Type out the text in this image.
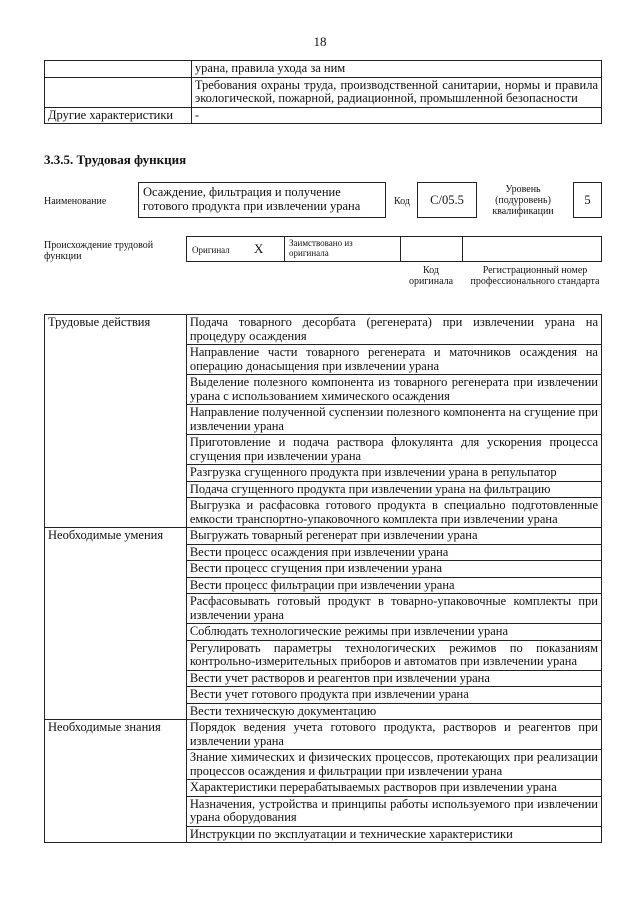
18
	урана, правила ухода за ним
	Требования охраны труда, производственной санитарии, нормы и правила экологической, пожарной, радиационной, промышленной безопасности
Другие характеристики	-
3.3.5. Трудовая функция
Наименование
Осаждение, фильтрация и получение готового продукта при извлечении урана	Код	C/05.5
Уровень (подуровень) квалификации
5
Происхождение трудовой функции
Оригинал X	Заимствовано из оригинала
Код оригинала
Регистрационный номер профессионального стандарта
Трудовые действия	Подача товарного десорбата (регенерата) при извлечении урана на процедуру осаждения
	Направление части товарного регенерата и маточников осаждения на операцию донасыщения при извлечении урана
	Выделение полезного компонента из товарного регенерата при извлечении урана с использованием химического осаждения
	Направление полученной суспензии полезного компонента на сгущение при извлечении урана
	Приготовление и подача раствора флокулянта для ускорения процесса сгущения при извлечении урана
	Разгрузка сгущенного продукта при извлечении урана в репульпатор
	Подача сгущенного продукта при извлечении урана на фильтрацию
	Выгрузка и расфасовка готового продукта в специально подготовленные емкости транспортно-упаковочного комплекта при извлечении урана
Необходимые умения	Выгружать товарный регенерат при извлечении урана
	Вести процесс осаждения при извлечении урана
	Вести процесс сгущения при извлечении урана
	Вести процесс фильтрации при извлечении урана
	Расфасовывать готовый продукт в товарно-упаковочные комплекты при извлечении урана
	Соблюдать технологические режимы при извлечении урана
	Регулировать параметры технологических режимов по показаниям контрольно-измерительных приборов и автоматов при извлечении урана
	Вести учет растворов и реагентов при извлечении урана
	Вести учет готового продукта при извлечении урана
	Вести техническую документацию
Необходимые знания	Порядок ведения учета готового продукта, растворов и реагентов при извлечении урана
	Знание химических и физических процессов, протекающих при реализации процессов осаждения и фильтрации при извлечении урана
	Характеристики перерабатываемых растворов при извлечении урана
	Назначения, устройства и принципы работы используемого при извлечении урана оборудования
	Инструкции по эксплуатации и технические характеристики
